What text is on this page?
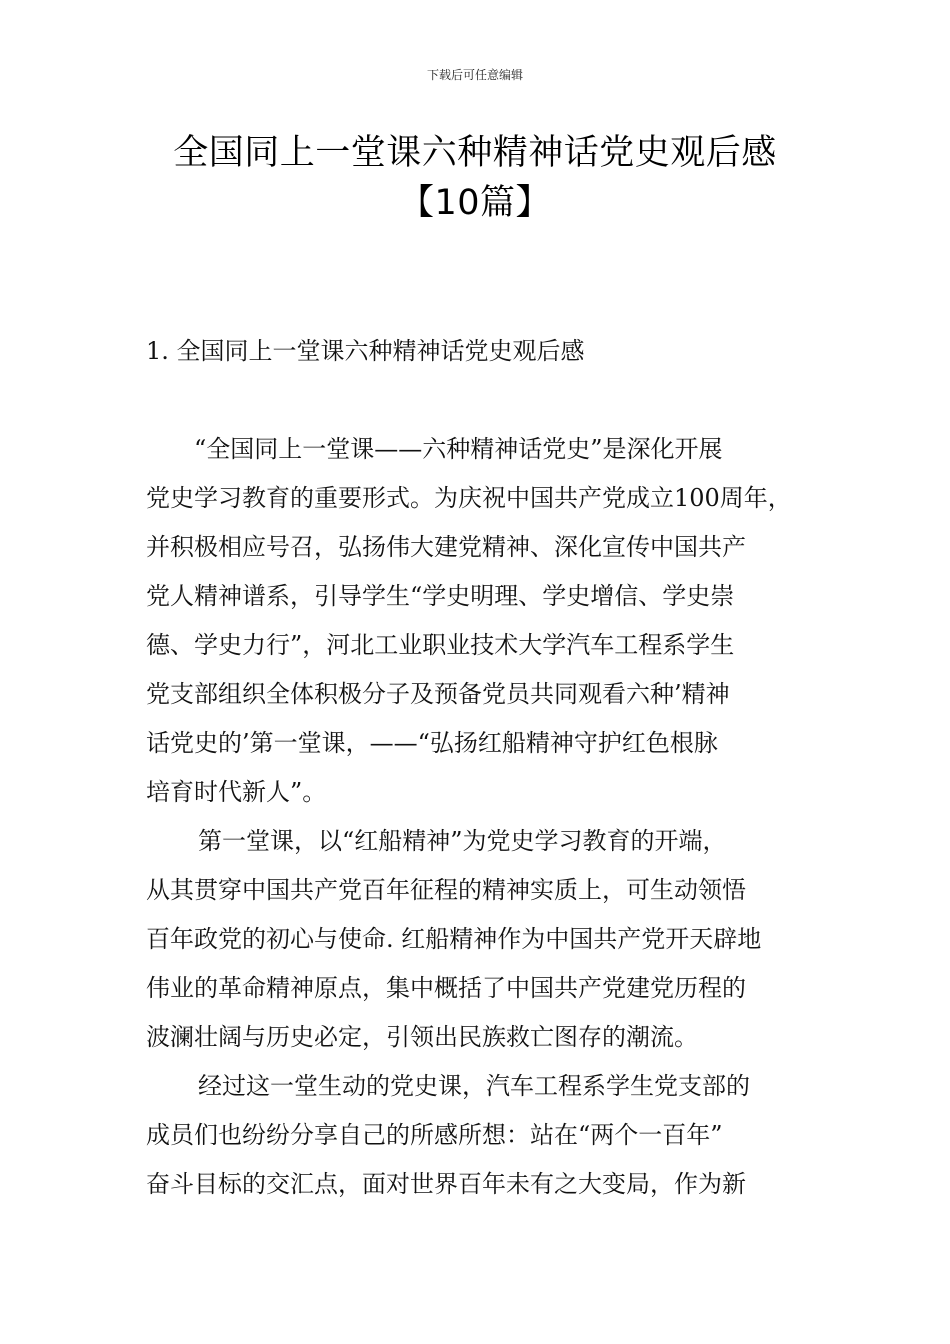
下载后可任意编辑
全国同上一堂课六种精神话党史观后感
【10篇】
1. 全国同上一堂课六种精神话党史观后感
“全国同上一堂课——六种精神话党史”是深化开展
党史学习教育的重要形式。为庆祝中国共产党成立100周年，
并积极相应号召，弘扬伟大建党精神、深化宣传中国共产
党人精神谱系，引导学生“学史明理、学史增信、学史崇
德、学史力行”，河北工业职业技术大学汽车工程系学生
党支部组织全体积极分子及预备党员共同观看六种’精神
话党史的’第一堂课，——“弘扬红船精神守护红色根脉
培育时代新人”。
第一堂课，以“红船精神”为党史学习教育的开端，
从其贯穿中国共产党百年征程的精神实质上，可生动领悟
百年政党的初心与使命. 红船精神作为中国共产党开天辟地
伟业的革命精神原点，集中概括了中国共产党建党历程的
波澜壮阔与历史必定，引领出民族救亡图存的潮流。
经过这一堂生动的党史课，汽车工程系学生党支部的
成员们也纷纷分享自己的所感所想：站在“两个一百年”
奋斗目标的交汇点，面对世界百年未有之大变局，作为新
